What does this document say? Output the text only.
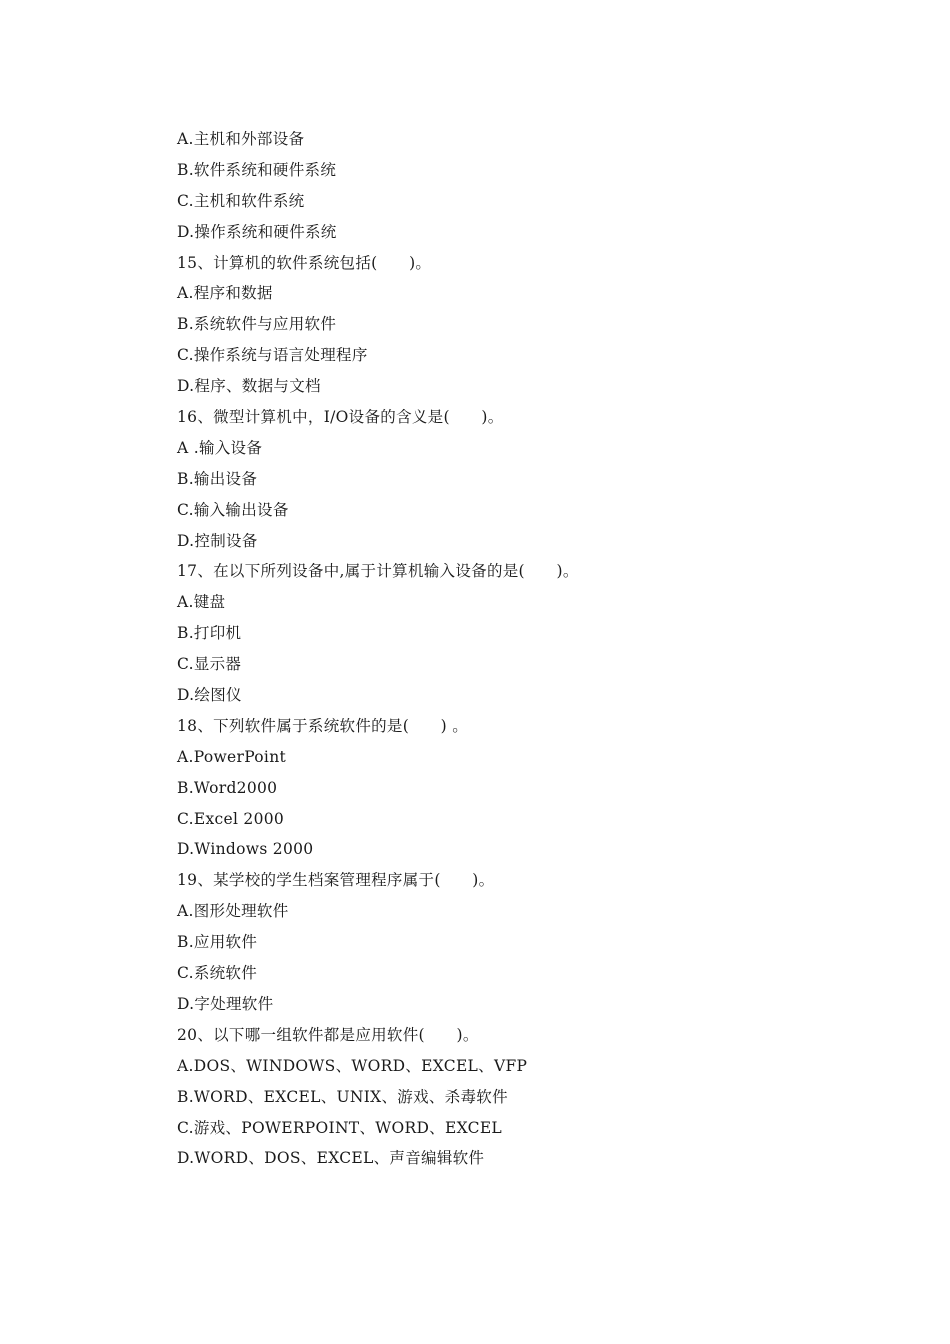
A.主机和外部设备
B.软件系统和硬件系统
C.主机和软件系统
D.操作系统和硬件系统
15、计算机的软件系统包括(　　)。
A.程序和数据
B.系统软件与应用软件
C.操作系统与语言处理程序
D.程序、数据与文档
16、微型计算机中，I/O设备的含义是(　　)。
A .输入设备
B.输出设备
C.输入输出设备
D.控制设备
17、在以下所列设备中,属于计算机输入设备的是(　　)。
A.键盘
B.打印机
C.显示器
D.绘图仪
18、下列软件属于系统软件的是(　　) 。
A.PowerPoint
B.Word2000
C.Excel 2000
D.Windows 2000
19、某学校的学生档案管理程序属于(　　)。
A.图形处理软件
B.应用软件
C.系统软件
D.字处理软件
20、以下哪一组软件都是应用软件(　　)。
A.DOS、WINDOWS、WORD、EXCEL、VFP
B.WORD、EXCEL、UNIX、游戏、杀毒软件
C.游戏、POWERPOINT、WORD、EXCEL
D.WORD、DOS、EXCEL、声音编辑软件
